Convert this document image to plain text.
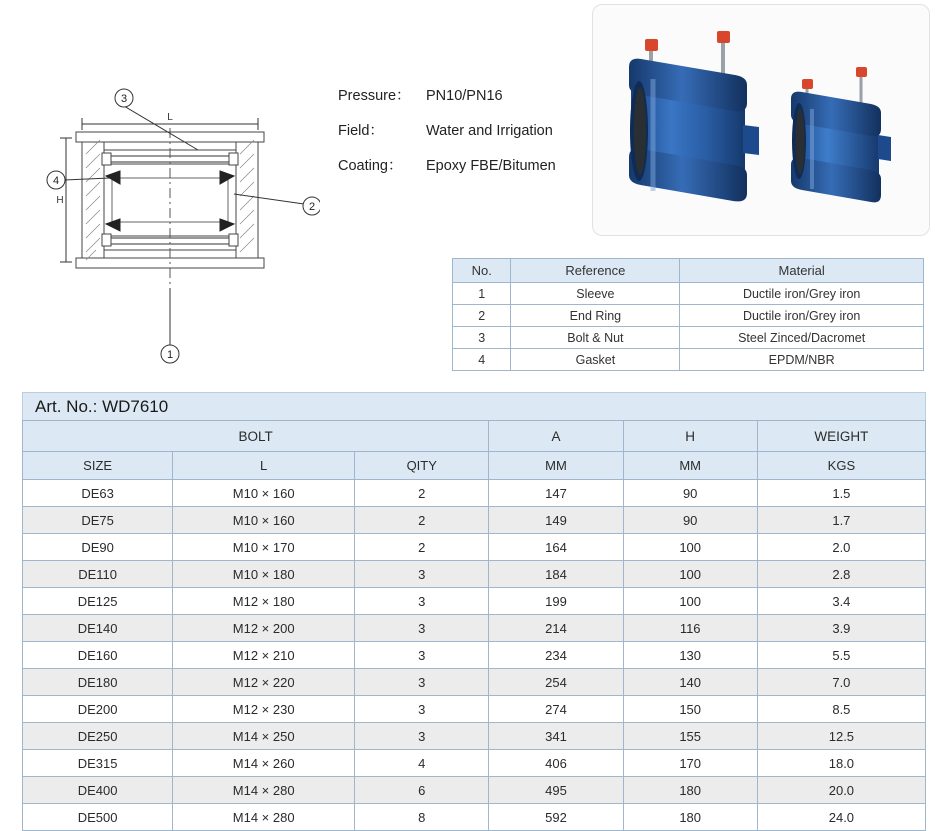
3
2
4
1
L
H
Pressure：	PN10/PN16
Field：	Water and Irrigation
Coating：	Epoxy FBE/Bitumen
No.	Reference	Material
1	Sleeve	Ductile iron/Grey iron
2	End Ring	Ductile iron/Grey iron
3	Bolt & Nut	Steel Zinced/Dacromet
4	Gasket	EPDM/NBR
Art. No.: WD7610
BOLT			A	H	WEIGHT
SIZE	L	QITY	MM	MM	KGS
DE63	M10 × 160	2	147	90	1.5
DE75	M10 × 160	2	149	90	1.7
DE90	M10 × 170	2	164	100	2.0
DE110	M10 × 180	3	184	100	2.8
DE125	M12 × 180	3	199	100	3.4
DE140	M12 × 200	3	214	116	3.9
DE160	M12 × 210	3	234	130	5.5
DE180	M12 × 220	3	254	140	7.0
DE200	M12 × 230	3	274	150	8.5
DE250	M14 × 250	3	341	155	12.5
DE315	M14 × 260	4	406	170	18.0
DE400	M14 × 280	6	495	180	20.0
DE500	M14 × 280	8	592	180	24.0
